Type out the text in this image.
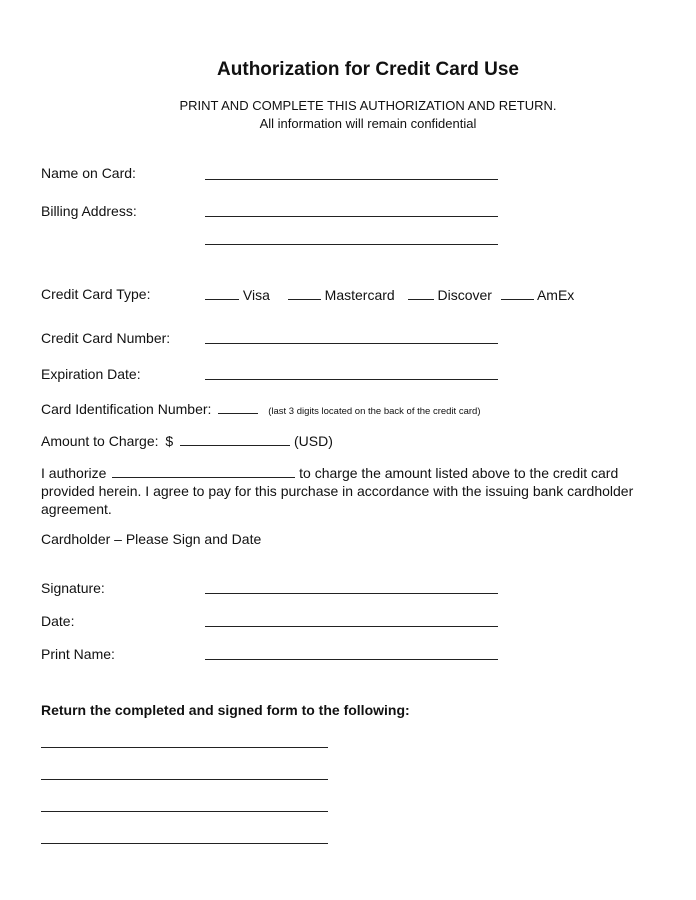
Authorization for Credit Card Use
PRINT AND COMPLETE THIS AUTHORIZATION AND RETURN.
All information will remain confidential
Name on Card:
Billing Address:
Credit Card Type:	Visa	Mastercard	Discover	AmEx
Credit Card Number:
Expiration Date:
Card Identification Number:	(last 3 digits located on the back of the credit card)
Amount to Charge: $	(USD)
I authorize	to charge the amount listed above to the credit card provided herein. I agree to pay for this purchase in accordance with the issuing bank cardholder agreement.
Cardholder – Please Sign and Date
Signature:
Date:
Print Name:
Return the completed and signed form to the following:
